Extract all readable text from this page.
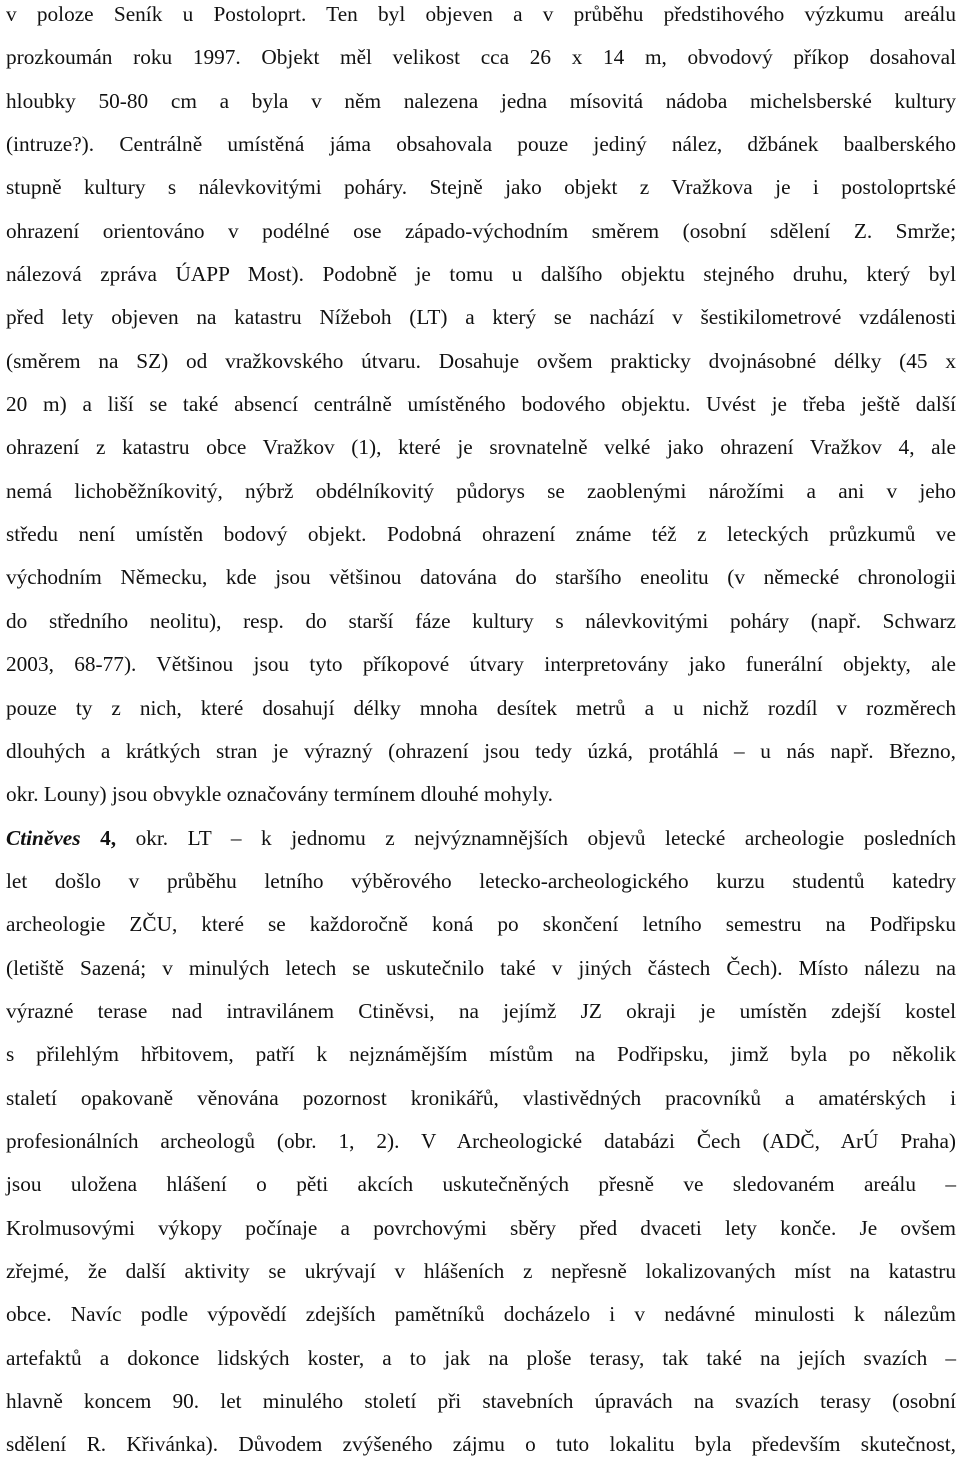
v poloze Seník u Postoloprt. Ten byl objeven a v průběhu předstihového výzkumu areálu
prozkoumán roku 1997. Objekt měl velikost cca 26 x 14 m, obvodový příkop dosahoval
hloubky 50-80 cm a byla v něm nalezena jedna mísovitá nádoba michelsberské kultury
(intruze?). Centrálně umístěná jáma obsahovala pouze jediný nález, džbánek baalberského
stupně kultury s nálevkovitými poháry. Stejně jako objekt z Vražkova je i postoloprtské
ohrazení orientováno v podélné ose západo-východním směrem (osobní sdělení Z. Smrže;
nálezová zpráva ÚAPP Most). Podobně je tomu u dalšího objektu stejného druhu, který byl
před lety objeven na katastru Nížeboh (LT) a který se nachází v šestikilometrové vzdálenosti
(směrem na SZ) od vražkovského útvaru. Dosahuje ovšem prakticky dvojnásobné délky (45 x
20 m) a liší se také absencí centrálně umístěného bodového objektu. Uvést je třeba ještě další
ohrazení z katastru obce Vražkov (1), které je srovnatelně velké jako ohrazení Vražkov 4, ale
nemá lichoběžníkovitý, nýbrž obdélníkovitý půdorys se zaoblenými nárožími a ani v jeho
středu není umístěn bodový objekt. Podobná ohrazení známe též z leteckých průzkumů ve
východním Německu, kde jsou většinou datována do staršího eneolitu (v německé chronologii
do středního neolitu), resp. do starší fáze kultury s nálevkovitými poháry (např. Schwarz
2003, 68-77). Většinou jsou tyto příkopové útvary interpretovány jako funerální objekty, ale
pouze ty z nich, které dosahují délky mnoha desítek metrů a u nichž rozdíl v rozměrech
dlouhých a krátkých stran je výrazný (ohrazení jsou tedy úzká, protáhlá – u nás např. Březno,
okr. Louny) jsou obvykle označovány termínem dlouhé mohyly.
Ctiněves 4, okr. LT – k jednomu z nejvýznamnějších objevů letecké archeologie posledních
let došlo v průběhu letního výběrového letecko-archeologického kurzu studentů katedry
archeologie ZČU, které se každoročně koná po skončení letního semestru na Podřipsku
(letiště Sazená; v minulých letech se uskutečnilo také v jiných částech Čech). Místo nálezu na
výrazné terase nad intravilánem Ctiněvsi, na jejímž JZ okraji je umístěn zdejší kostel
s přilehlým hřbitovem, patří k nejznámějším místům na Podřipsku, jimž byla po několik
staletí opakovaně věnována pozornost kronikářů, vlastivědných pracovníků a amatérských i
profesionálních archeologů (obr. 1, 2). V Archeologické databázi Čech (ADČ, ArÚ Praha)
jsou uložena hlášení o pěti akcích uskutečněných přesně ve sledovaném areálu –
Krolmusovými výkopy počínaje a povrchovými sběry před dvaceti lety konče. Je ovšem
zřejmé, že další aktivity se ukrývají v hlášeních z nepřesně lokalizovaných míst na katastru
obce. Navíc podle výpovědí zdejších pamětníků docházelo i v nedávné minulosti k nálezům
artefaktů a dokonce lidských koster, a to jak na ploše terasy, tak také na jejích svazích –
hlavně koncem 90. let minulého století při stavebních úpravách na svazích terasy (osobní
sdělení R. Křivánka). Důvodem zvýšeného zájmu o tuto lokalitu byla především skutečnost,
